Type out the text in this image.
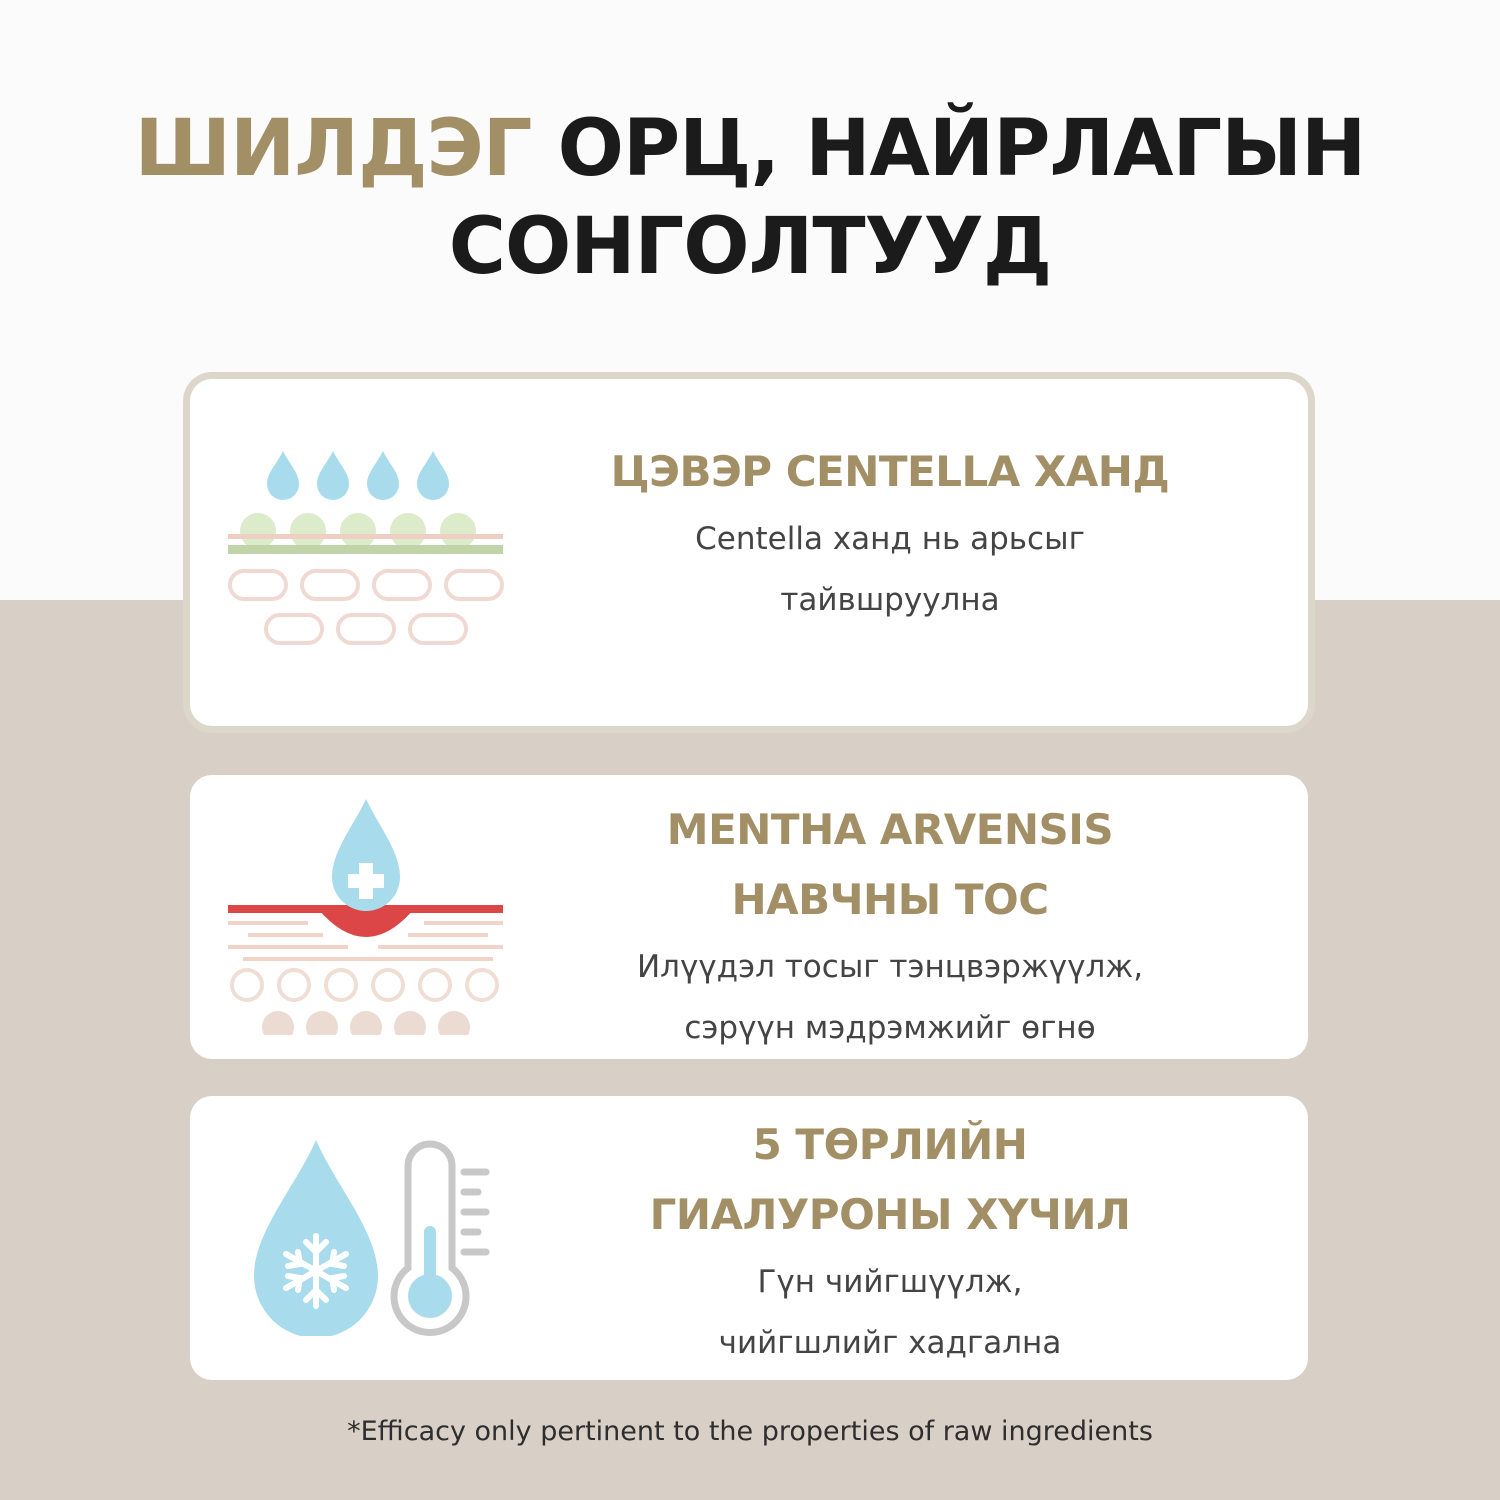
ШИЛДЭГ ОРЦ, НАЙРЛАГЫН
СОНГОЛТУУД
ЦЭВЭР CENTELLA ХАНД
Centella ханд нь арьсыг
тайвшруулна
MENTHA ARVENSIS
НАВЧНЫ ТОС
Илүүдэл тосыг тэнцвэржүүлж,
сэрүүн мэдрэмжийг өгнө
5 ТӨРЛИЙН
ГИАЛУРОНЫ ХҮЧИЛ
Гүн чийгшүүлж,
чийгшлийг хадгална
*Efficacy only pertinent to the properties of raw ingredients
